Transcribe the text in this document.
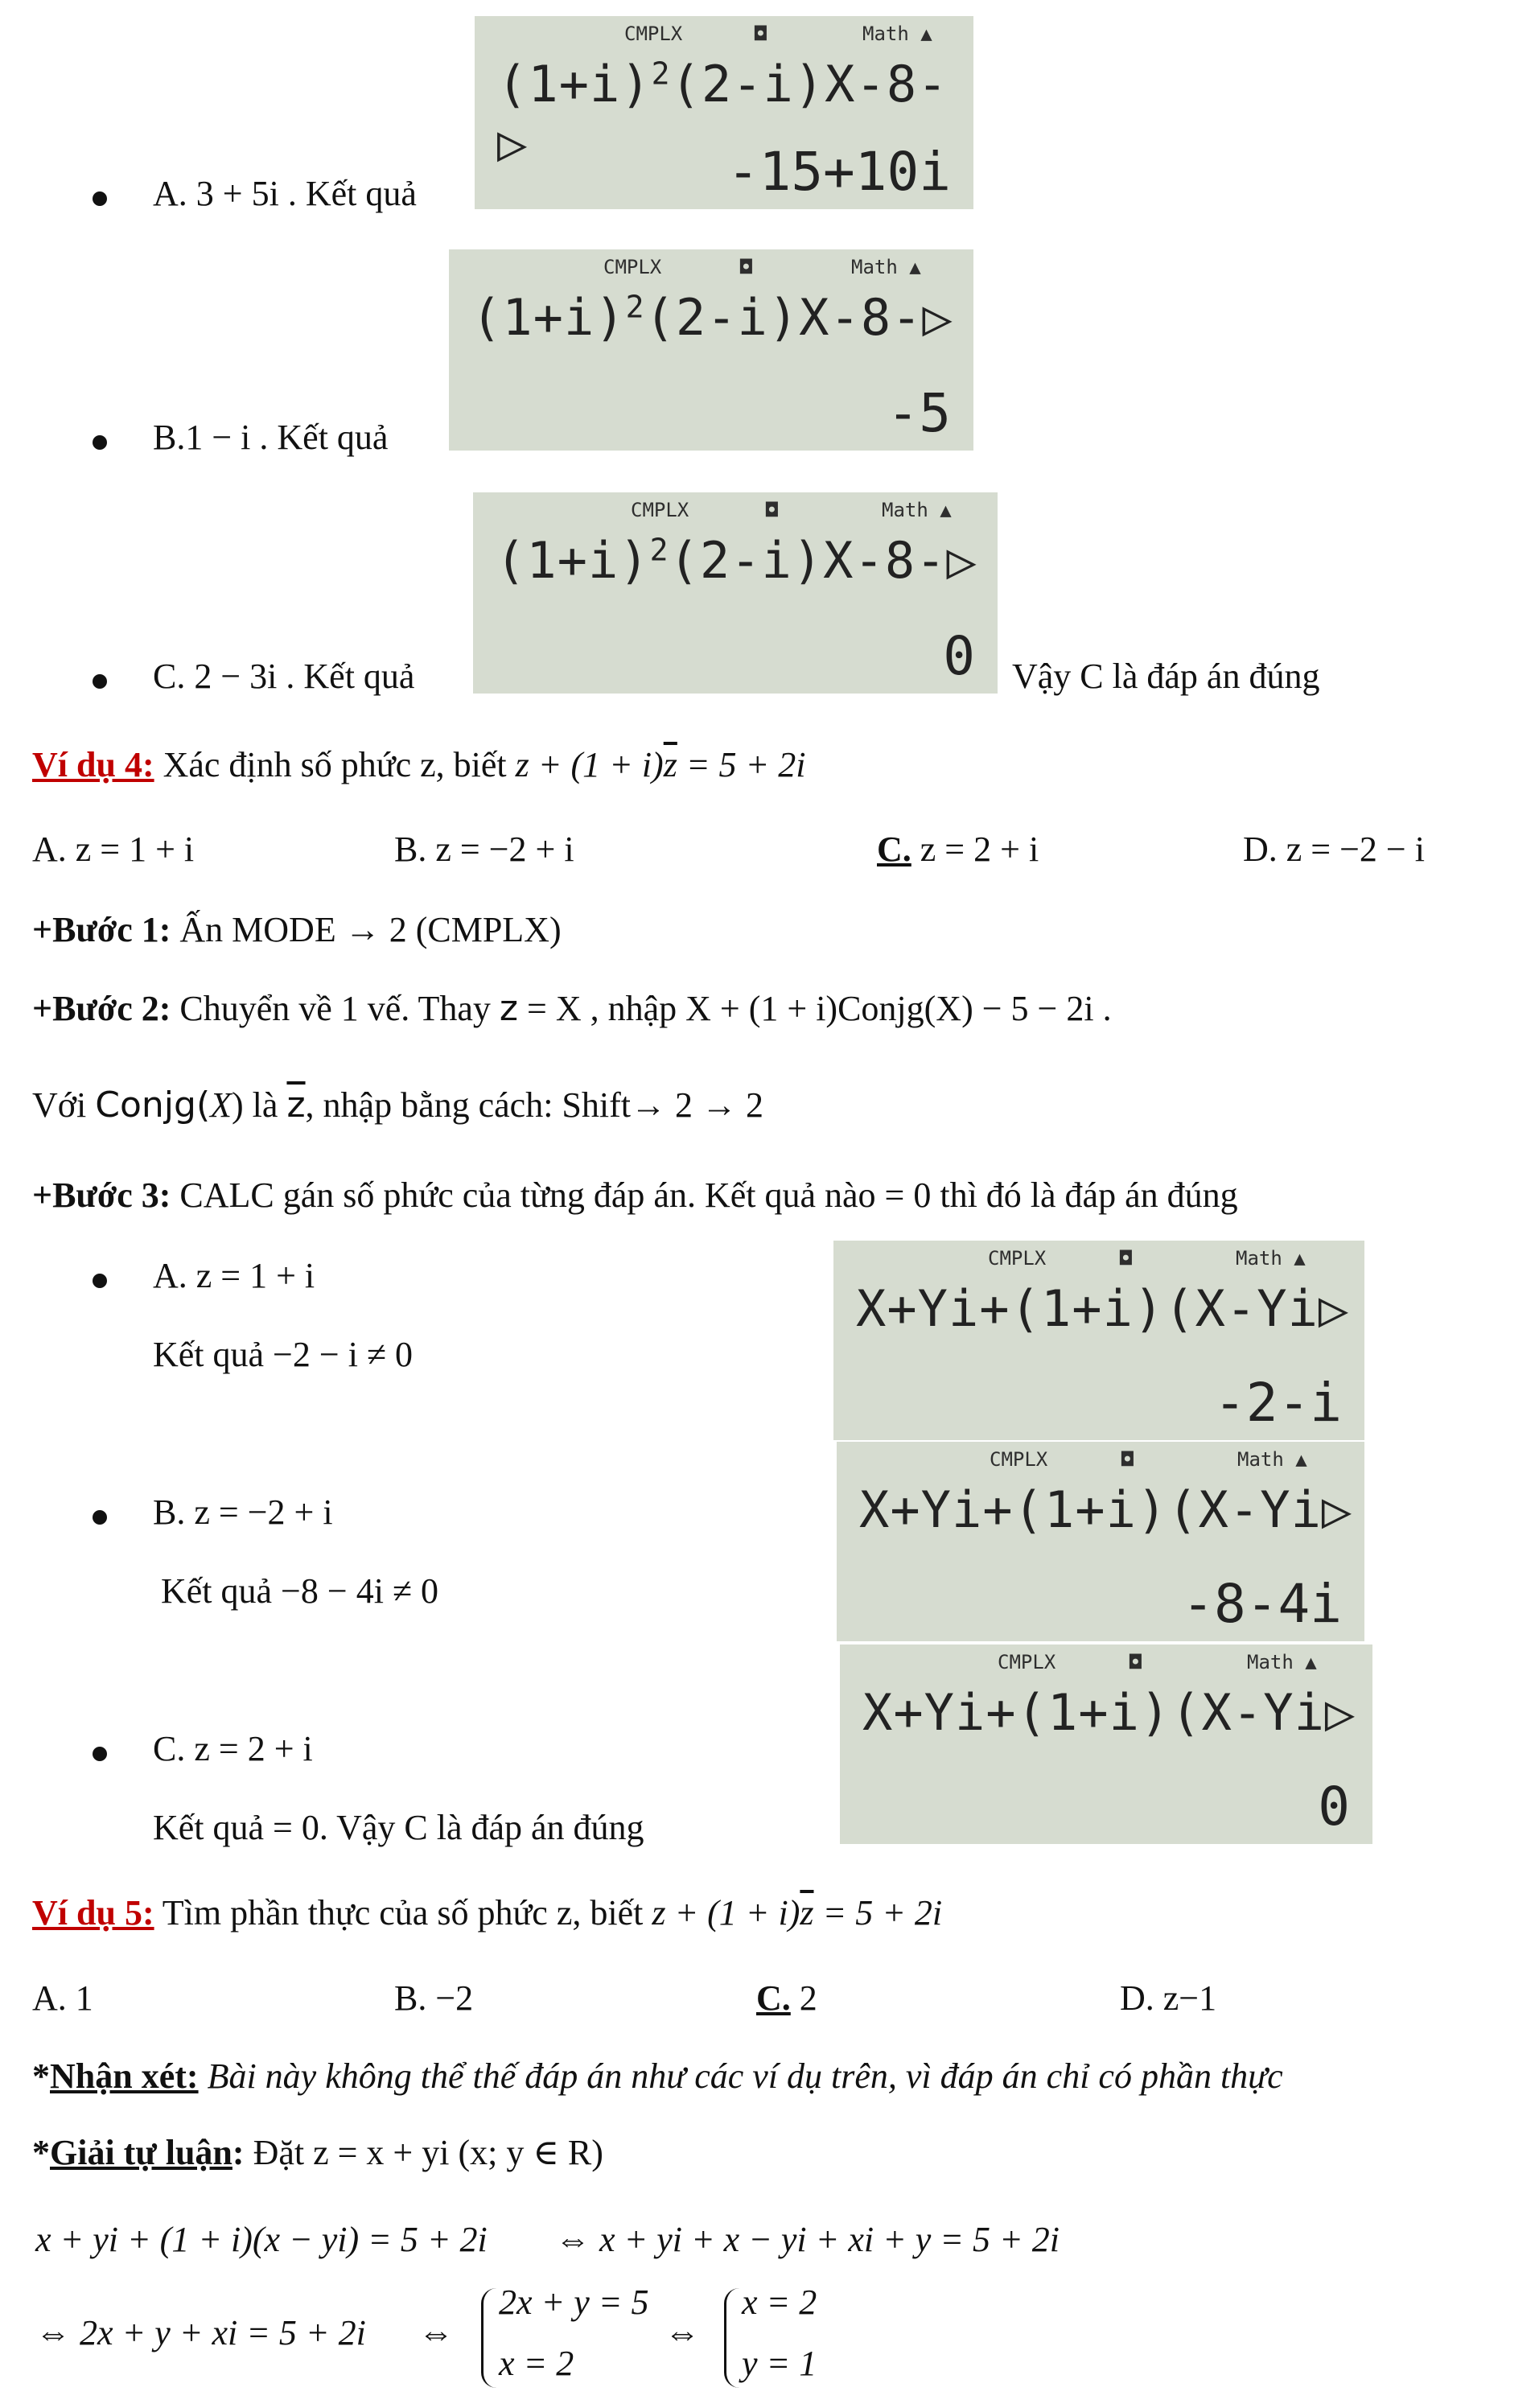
CMPLX	◘	Math ▲
$(1+i)^2(2-i)X-8-▷$	-15+10i
A. 3 + 5i . Kết quả
CMPLX	◘	Math ▲
$(1+i)^2(2-i)X-8-▷$
-5
B.1 − i . Kết quả
CMPLX	◘	Math ▲
$(1+i)^2(2-i)X-8-▷$
0
C. 2 − 3i . Kết quả	Vậy C là đáp án đúng
Ví dụ 4: Xác định số phức z, biết $z + (1 + i)\overline{z} = 5 + 2i$
A. z = 1 + i	B. z = −2 + i	C. z = 2 + i	D. z = −2 − i
+Bước 1: Ấn MODE → 2 (CMPLX)
+Bước 2: Chuyển về 1 vế. Thay z = X , nhập X + (1 + i)Conjg(X) − 5 − 2i .
Với Conjg(X) là $\overline{z}$, nhập bằng cách: Shift→ 2 → 2
+Bước 3: CALC gán số phức của từng đáp án. Kết quả nào = 0 thì đó là đáp án đúng
A. z = 1 + i
Kết quả −2 − i ≠ 0
CMPLX	◘	Math ▲
X+Yi+(1+i)(X-Yi▷
-2-i
B. z = −2 + i
Kết quả −8 − 4i ≠ 0
CMPLX	◘	Math ▲
X+Yi+(1+i)(X-Yi▷
-8-4i
C. z = 2 + i
Kết quả = 0. Vậy C là đáp án đúng
CMPLX	◘	Math ▲
X+Yi+(1+i)(X-Yi▷
0
Ví dụ 5: Tìm phần thực của số phức z, biết $z + (1 + i)\overline{z} = 5 + 2i$
A. 1	B. −2	C. 2	D. z−1
*Nhận xét: Bài này không thể thế đáp án như các ví dụ trên, vì đáp án chỉ có phần thực
*Giải tự luận: Đặt z = x + yi (x; y ∈ R)
x + yi + (1 + i)(x − yi) = 5 + 2i ⇔ x + yi + x − yi + xi + y = 5 + 2i
⇔ 2x + y + xi = 5 + 2i ⇔
2x + y = 5
x = 2
⇔
x = 2
y = 1
